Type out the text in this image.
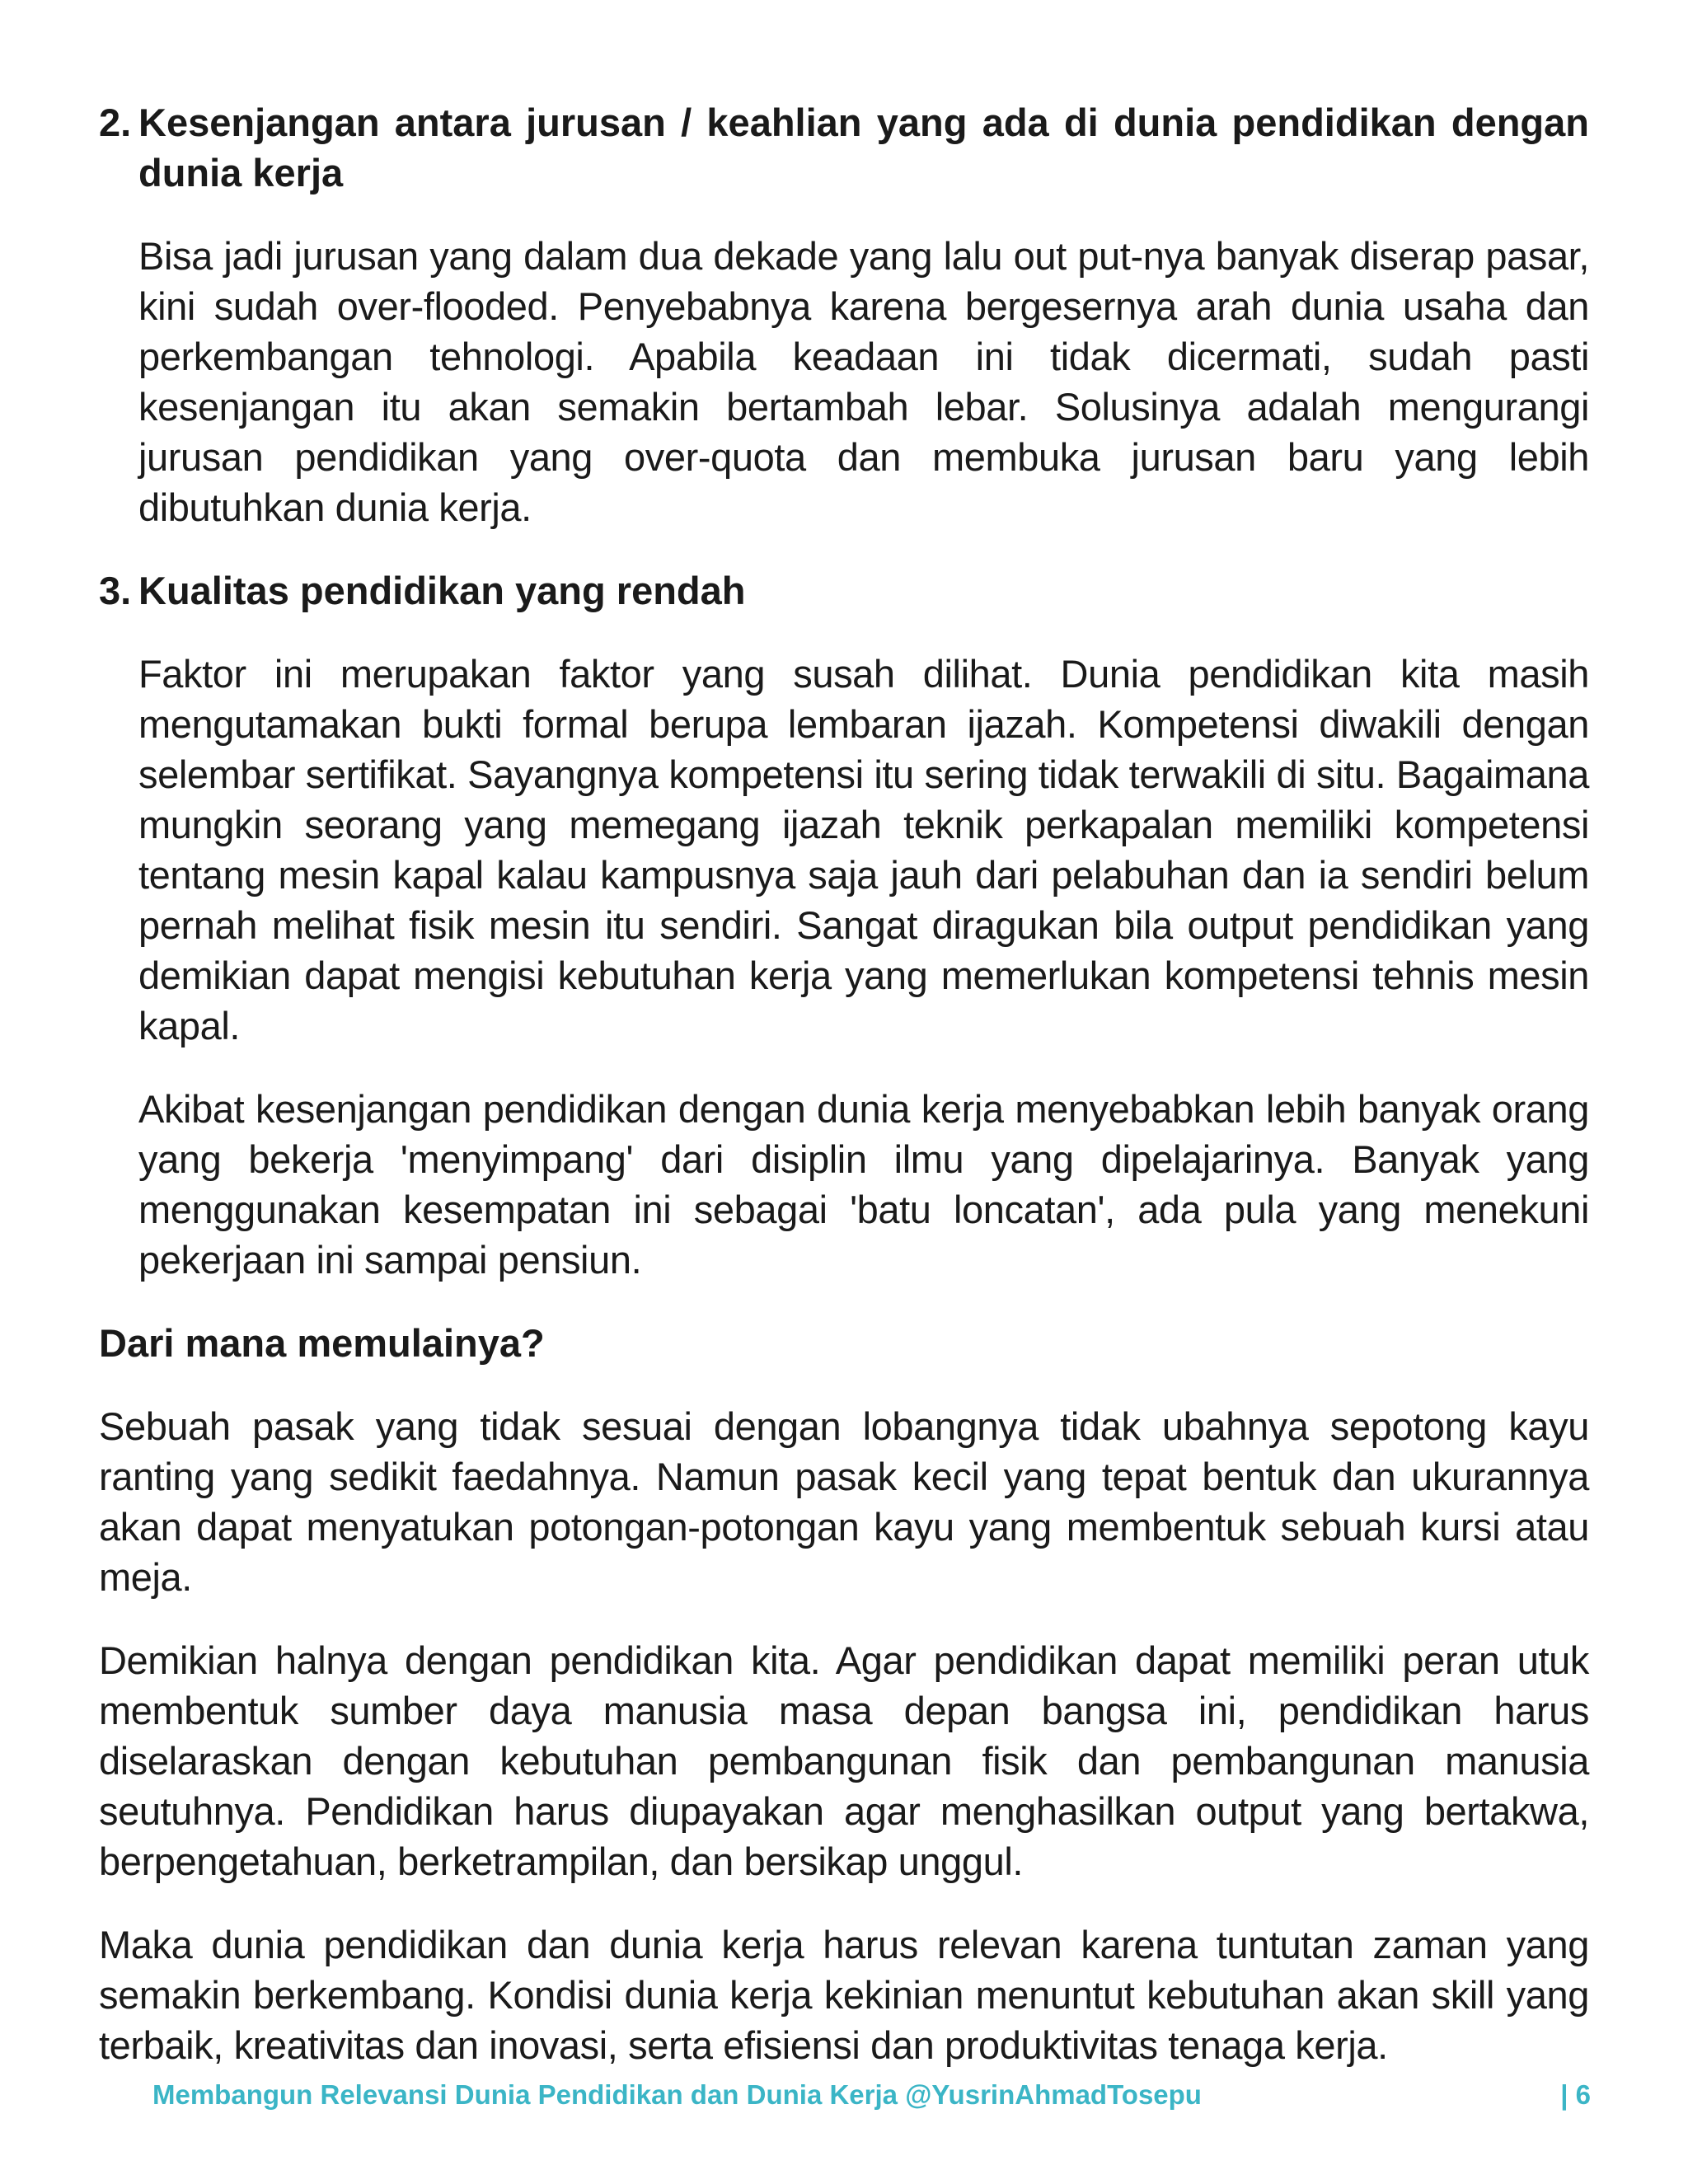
2. Kesenjangan antara jurusan / keahlian yang ada di dunia pendidikan dengan dunia kerja

Bisa jadi jurusan yang dalam dua dekade yang lalu out put-nya banyak diserap pasar, kini sudah over-flooded. Penyebabnya karena bergesernya arah dunia usaha dan perkembangan tehnologi. Apabila keadaan ini tidak dicermati, sudah pasti kesenjangan itu akan semakin bertambah lebar. Solusinya adalah mengurangi jurusan pendidikan yang over-quota dan membuka jurusan baru yang lebih dibutuhkan dunia kerja.

3. Kualitas pendidikan yang rendah

Faktor ini merupakan faktor yang susah dilihat. Dunia pendidikan kita masih mengutamakan bukti formal berupa lembaran ijazah. Kompetensi diwakili dengan selembar sertifikat. Sayangnya kompetensi itu sering tidak terwakili di situ. Bagaimana mungkin seorang yang memegang ijazah teknik perkapalan memiliki kompetensi tentang mesin kapal kalau kampusnya saja jauh dari pelabuhan dan ia sendiri belum pernah melihat fisik mesin itu sendiri. Sangat diragukan bila output pendidikan yang demikian dapat mengisi kebutuhan kerja yang memerlukan kompetensi tehnis mesin kapal.

Akibat kesenjangan pendidikan dengan dunia kerja menyebabkan lebih banyak orang yang bekerja 'menyimpang' dari disiplin ilmu yang dipelajarinya. Banyak yang menggunakan kesempatan ini sebagai 'batu loncatan', ada pula yang menekuni pekerjaan ini sampai pensiun.

Dari mana memulainya?

Sebuah pasak yang tidak sesuai dengan lobangnya tidak ubahnya sepotong kayu ranting yang sedikit faedahnya. Namun pasak kecil yang tepat bentuk dan ukurannya akan dapat menyatukan potongan-potongan kayu yang membentuk sebuah kursi atau meja.

Demikian halnya dengan pendidikan kita. Agar pendidikan dapat memiliki peran utuk membentuk sumber daya manusia masa depan bangsa ini, pendidikan harus diselaraskan dengan kebutuhan pembangunan fisik dan pembangunan manusia seutuhnya. Pendidikan harus diupayakan agar menghasilkan output yang bertakwa, berpengetahuan, berketrampilan, dan bersikap unggul.

Maka dunia pendidikan dan dunia kerja harus relevan karena tuntutan zaman yang semakin berkembang. Kondisi dunia kerja kekinian menuntut kebutuhan akan skill yang terbaik, kreativitas dan inovasi, serta efisiensi dan produktivitas tenaga kerja.

Membangun Relevansi Dunia Pendidikan dan Dunia Kerja @YusrinAhmadTosepu	| 6
